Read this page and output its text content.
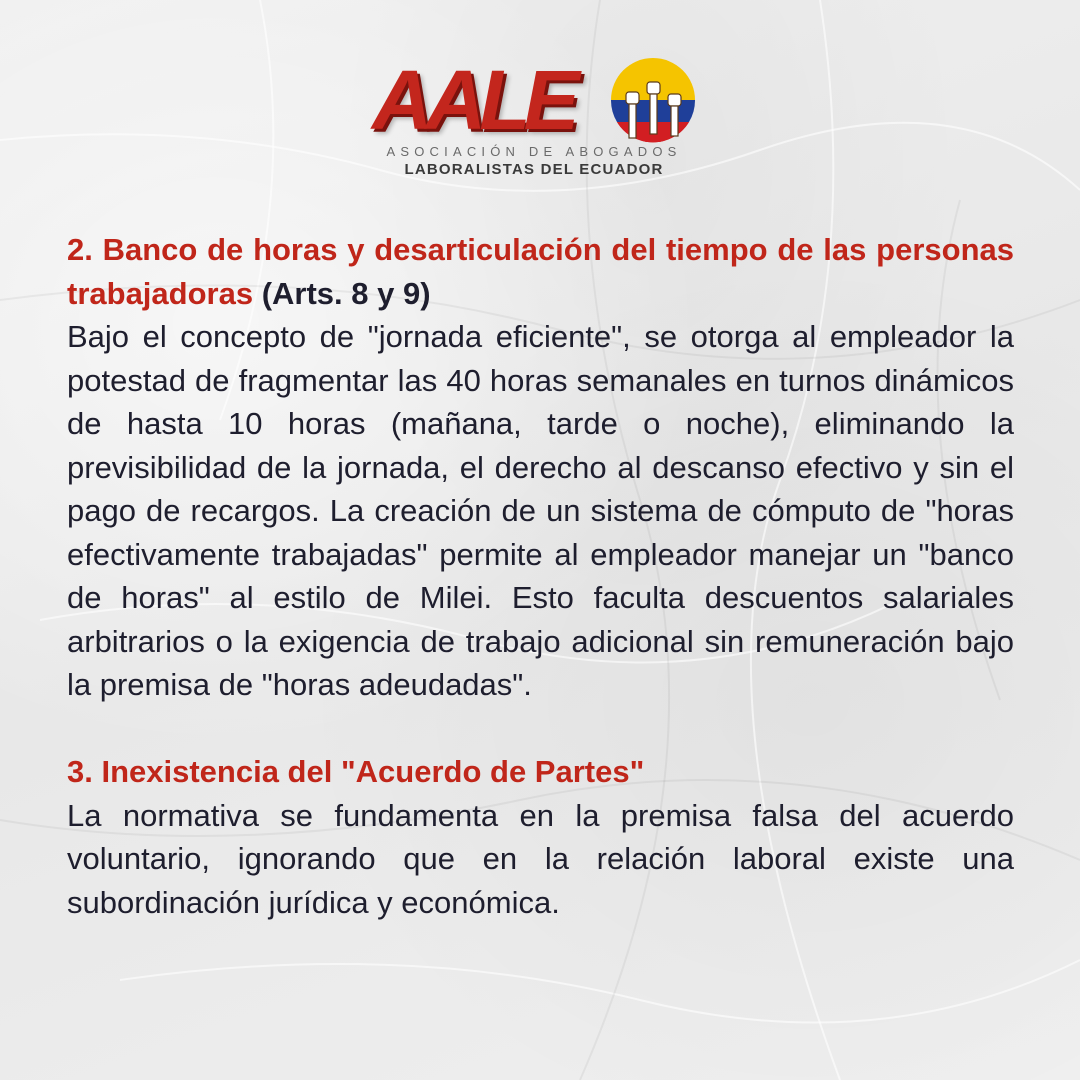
AALE
ASOCIACIÓN DE ABOGADOS
LABORALISTAS DEL ECUADOR

2. Banco de horas y desarticulación del tiempo de las personas trabajadoras (Arts. 8 y 9)

Bajo el concepto de "jornada eficiente", se otorga al empleador la potestad de fragmentar las 40 horas semanales en turnos dinámicos de hasta 10 horas (mañana, tarde o noche), eliminando la previsibilidad de la jornada, el derecho al descanso efectivo y sin el pago de recargos. La creación de un sistema de cómputo de "horas efectivamente trabajadas" permite al empleador manejar un "banco de horas" al estilo de Milei. Esto faculta descuentos salariales arbitrarios o la exigencia de trabajo adicional sin remuneración bajo la premisa de "horas adeudadas".

3. Inexistencia del "Acuerdo de Partes"

La normativa se fundamenta en la premisa falsa del acuerdo voluntario, ignorando que en la relación laboral existe una subordinación jurídica y económica.
